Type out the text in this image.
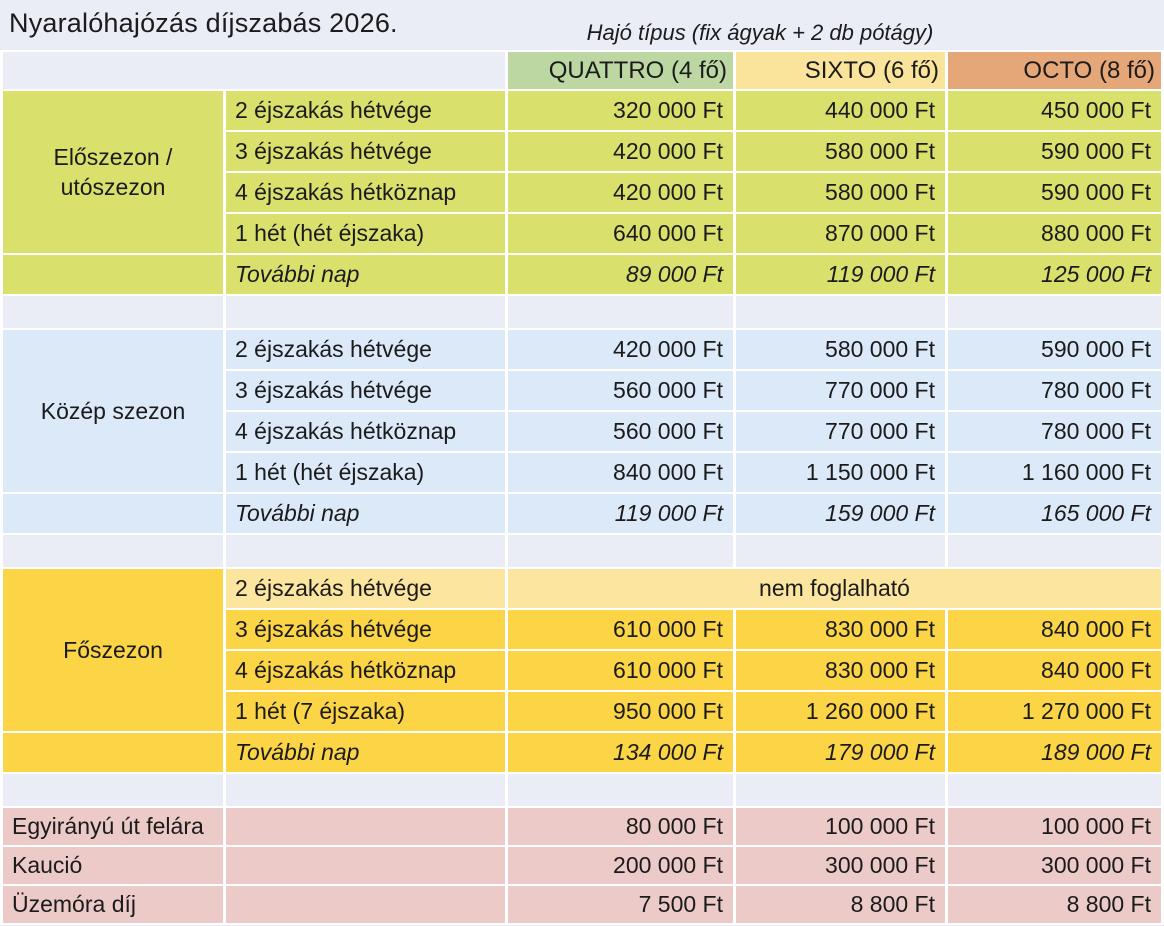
Nyaralóhajózás díjszabás 2026.	Hajó típus (fix ágyak + 2 db pótágy)
		QUATTRO (4 fő)	SIXTO (6 fő)	OCTO (8 fő)
Előszezon / utószezon	2 éjszakás hétvége	320 000 Ft	440 000 Ft	450 000 Ft
	3 éjszakás hétvége	420 000 Ft	580 000 Ft	590 000 Ft
	4 éjszakás hétköznap	420 000 Ft	580 000 Ft	590 000 Ft
	1 hét (hét éjszaka)	640 000 Ft	870 000 Ft	880 000 Ft
	További nap	89 000 Ft	119 000 Ft	125 000 Ft

Közép szezon	2 éjszakás hétvége	420 000 Ft	580 000 Ft	590 000 Ft
	3 éjszakás hétvége	560 000 Ft	770 000 Ft	780 000 Ft
	4 éjszakás hétköznap	560 000 Ft	770 000 Ft	780 000 Ft
	1 hét (hét éjszaka)	840 000 Ft	1 150 000 Ft	1 160 000 Ft
	További nap	119 000 Ft	159 000 Ft	165 000 Ft

Főszezon	2 éjszakás hétvége	nem foglalható		
	3 éjszakás hétvége	610 000 Ft	830 000 Ft	840 000 Ft
	4 éjszakás hétköznap	610 000 Ft	830 000 Ft	840 000 Ft
	1 hét (7 éjszaka)	950 000 Ft	1 260 000 Ft	1 270 000 Ft
	További nap	134 000 Ft	179 000 Ft	189 000 Ft

Egyirányú út felára		80 000 Ft	100 000 Ft	100 000 Ft
Kaució		200 000 Ft	300 000 Ft	300 000 Ft
Üzemóra díj		7 500 Ft	8 800 Ft	8 800 Ft
